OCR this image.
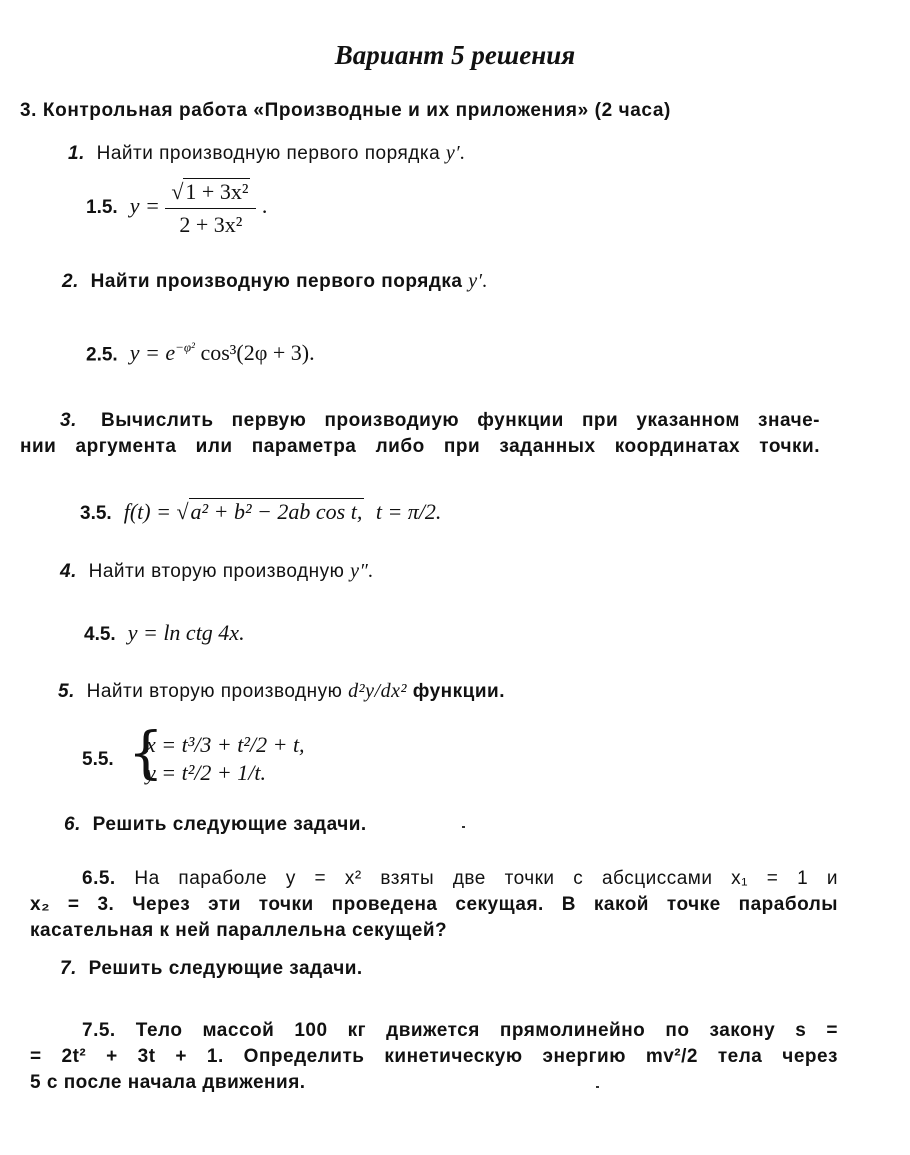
Вариант 5 решения
3. Контрольная работа «Производные и их приложения» (2 часа)
1. Найти производную первого порядка y′.
1.5. $y = \frac{\text{√1 + 3x²}}{\text{2 + 3x²}}$ .
2. Найти производную первого порядка y′.
2.5. $y = e^{-\varphi^2}$ cos³(2φ + 3).
3. Вычислить первую производиую функции при указанном значе-
нии аргумента или параметра либо при заданных координатах точки.
3.5. f(t) = √a² + b² − 2ab cos t, t = π/2.
4. Найти вторую производную y″.
4.5. y = ln ctg 4x.
5. Найти вторую производную d²y/dx² функции.
5.5. {
x = t³/3 + t²/2 + t,
y = t²/2 + 1/t.
6. Решить следующие задачи.
6.5. На параболе y = x² взяты две точки с абсциссами x₁ = 1 и
x₂ = 3. Через эти точки проведена секущая. В какой точке параболы
касательная к ней параллельна секущей?
7. Решить следующие задачи.
7.5. Тело массой 100 кг движется прямолинейно по закону s =
= 2t² + 3t + 1. Определить кинетическую энергию mv²/2 тела через
5 с после начала движения.
